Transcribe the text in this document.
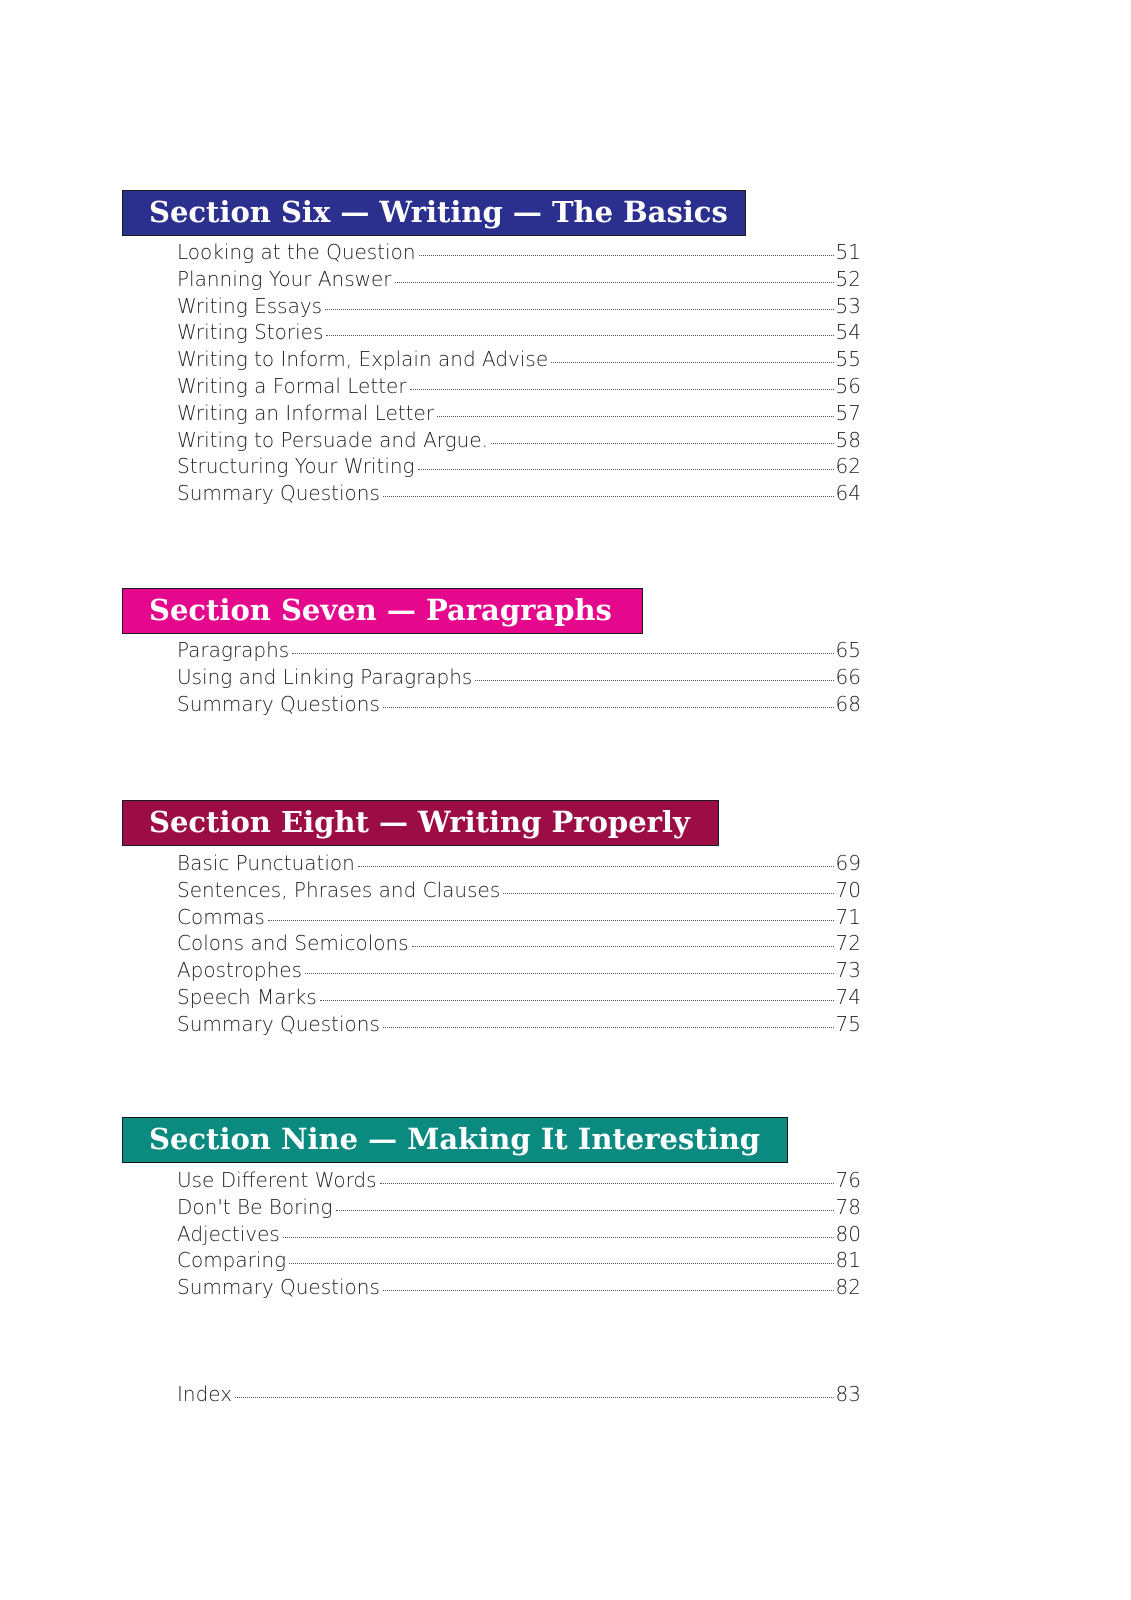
Section Six — Writing — The Basics
Looking at the Question	51
Planning Your Answer	52
Writing Essays	53
Writing Stories	54
Writing to Inform, Explain and Advise	55
Writing a Formal Letter	56
Writing an Informal Letter	57
Writing to Persuade and Argue.	58
Structuring Your Writing	62
Summary Questions	64
Section Seven — Paragraphs
Paragraphs	65
Using and Linking Paragraphs	66
Summary Questions	68
Section Eight — Writing Properly
Basic Punctuation	69
Sentences, Phrases and Clauses	70
Commas	71
Colons and Semicolons	72
Apostrophes	73
Speech Marks	74
Summary Questions	75
Section Nine — Making It Interesting
Use Different Words	76
Don't Be Boring	78
Adjectives	80
Comparing	81
Summary Questions	82
Index	83
